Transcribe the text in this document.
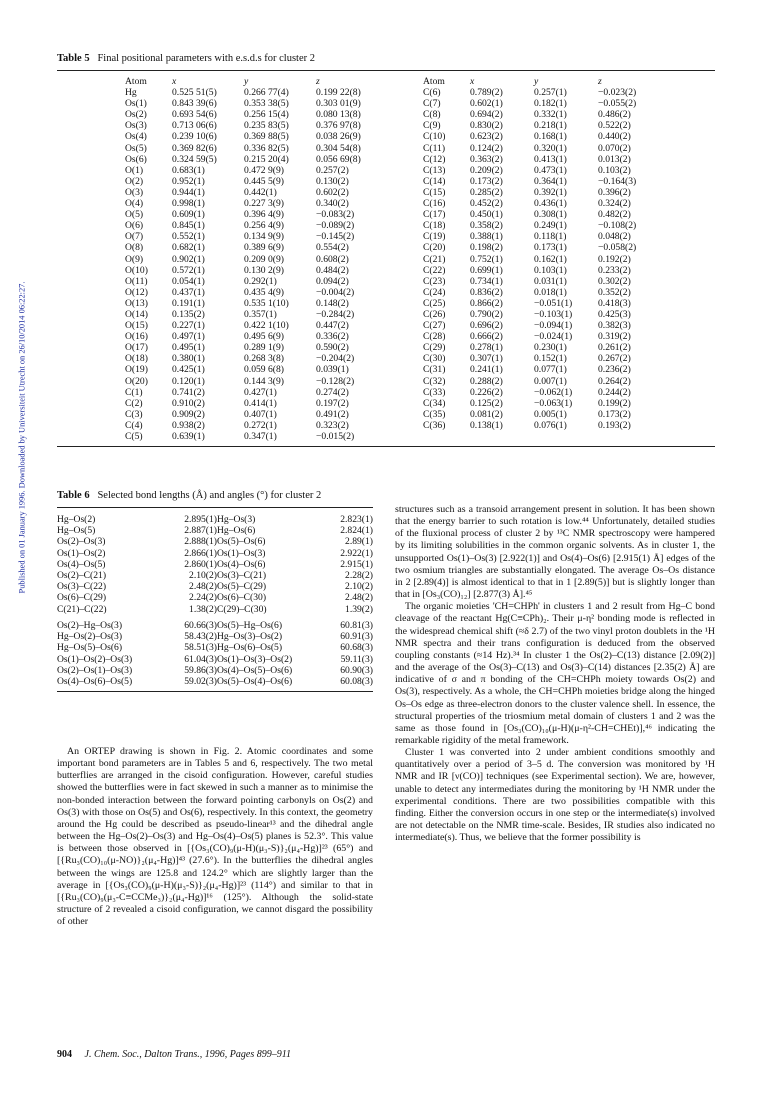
Published on 01 January 1996. Downloaded by Universiteit Utrecht on 26/10/2014 06:22:27.
Table 5 Final positional parameters with e.s.d.s for cluster 2
Atom	x	y	z
Hg	0.525 51(5)	0.266 77(4)	0.199 22(8)
Os(1)	0.843 39(6)	0.353 38(5)	0.303 01(9)
Os(2)	0.693 54(6)	0.256 15(4)	0.080 13(8)
Os(3)	0.713 06(6)	0.235 83(5)	0.376 97(8)
Os(4)	0.239 10(6)	0.369 88(5)	0.038 26(9)
Os(5)	0.369 82(6)	0.336 82(5)	0.304 54(8)
Os(6)	0.324 59(5)	0.215 20(4)	0.056 69(8)
O(1)	0.683(1)	0.472 9(9)	0.257(2)
O(2)	0.952(1)	0.445 5(9)	0.130(2)
O(3)	0.944(1)	0.442(1)	0.602(2)
O(4)	0.998(1)	0.227 3(9)	0.340(2)
O(5)	0.609(1)	0.396 4(9)	−0.083(2)
O(6)	0.845(1)	0.256 4(9)	−0.089(2)
O(7)	0.552(1)	0.134 9(9)	−0.145(2)
O(8)	0.682(1)	0.389 6(9)	0.554(2)
O(9)	0.902(1)	0.209 0(9)	0.608(2)
O(10)	0.572(1)	0.130 2(9)	0.484(2)
O(11)	0.054(1)	0.292(1)	0.094(2)
O(12)	0.437(1)	0.435 4(9)	−0.004(2)
O(13)	0.191(1)	0.535 1(10)	0.148(2)
O(14)	0.135(2)	0.357(1)	−0.284(2)
O(15)	0.227(1)	0.422 1(10)	0.447(2)
O(16)	0.497(1)	0.495 6(9)	0.336(2)
O(17)	0.495(1)	0.289 1(9)	0.590(2)
O(18)	0.380(1)	0.268 3(8)	−0.204(2)
O(19)	0.425(1)	0.059 6(8)	0.039(1)
O(20)	0.120(1)	0.144 3(9)	−0.128(2)
C(1)	0.741(2)	0.427(1)	0.274(2)
C(2)	0.910(2)	0.414(1)	0.197(2)
C(3)	0.909(2)	0.407(1)	0.491(2)
C(4)	0.938(2)	0.272(1)	0.323(2)
C(5)	0.639(1)	0.347(1)	−0.015(2)
Atom	x	y	z
C(6)	0.789(2)	0.257(1)	−0.023(2)
C(7)	0.602(1)	0.182(1)	−0.055(2)
C(8)	0.694(2)	0.332(1)	0.486(2)
C(9)	0.830(2)	0.218(1)	0.522(2)
C(10)	0.623(2)	0.168(1)	0.440(2)
C(11)	0.124(2)	0.320(1)	0.070(2)
C(12)	0.363(2)	0.413(1)	0.013(2)
C(13)	0.209(2)	0.473(1)	0.103(2)
C(14)	0.173(2)	0.364(1)	−0.164(3)
C(15)	0.285(2)	0.392(1)	0.396(2)
C(16)	0.452(2)	0.436(1)	0.324(2)
C(17)	0.450(1)	0.308(1)	0.482(2)
C(18)	0.358(2)	0.249(1)	−0.108(2)
C(19)	0.388(1)	0.118(1)	0.048(2)
C(20)	0.198(2)	0.173(1)	−0.058(2)
C(21)	0.752(1)	0.162(1)	0.192(2)
C(22)	0.699(1)	0.103(1)	0.233(2)
C(23)	0.734(1)	0.031(1)	0.302(2)
C(24)	0.836(2)	0.018(1)	0.352(2)
C(25)	0.866(2)	−0.051(1)	0.418(3)
C(26)	0.790(2)	−0.103(1)	0.425(3)
C(27)	0.696(2)	−0.094(1)	0.382(3)
C(28)	0.666(2)	−0.024(1)	0.319(2)
C(29)	0.278(1)	0.230(1)	0.261(2)
C(30)	0.307(1)	0.152(1)	0.267(2)
C(31)	0.241(1)	0.077(1)	0.236(2)
C(32)	0.288(2)	0.007(1)	0.264(2)
C(33)	0.226(2)	−0.062(1)	0.244(2)
C(34)	0.125(2)	−0.063(1)	0.199(2)
C(35)	0.081(2)	0.005(1)	0.173(2)
C(36)	0.138(1)	0.076(1)	0.193(2)
Table 6 Selected bond lengths (Å) and angles (°) for cluster 2
Hg–Os(2)	2.895(1)	Hg–Os(3)	2.823(1)
Hg–Os(5)	2.887(1)	Hg–Os(6)	2.824(1)
Os(2)–Os(3)	2.888(1)	Os(5)–Os(6)	2.89(1)
Os(1)–Os(2)	2.866(1)	Os(1)–Os(3)	2.922(1)
Os(4)–Os(5)	2.860(1)	Os(4)–Os(6)	2.915(1)
Os(2)–C(21)	2.10(2)	Os(3)–C(21)	2.28(2)
Os(3)–C(22)	2.48(2)	Os(5)–C(29)	2.10(2)
Os(6)–C(29)	2.24(2)	Os(6)–C(30)	2.48(2)
C(21)–C(22)	1.38(2)	C(29)–C(30)	1.39(2)
Os(2)–Hg–Os(3)	60.66(3)	Os(5)–Hg–Os(6)	60.81(3)
Hg–Os(2)–Os(3)	58.43(2)	Hg–Os(3)–Os(2)	60.91(3)
Hg–Os(5)–Os(6)	58.51(3)	Hg–Os(6)–Os(5)	60.68(3)
Os(1)–Os(2)–Os(3)	61.04(3)	Os(1)–Os(3)–Os(2)	59.11(3)
Os(2)–Os(1)–Os(3)	59.86(3)	Os(4)–Os(5)–Os(6)	60.90(3)
Os(4)–Os(6)–Os(5)	59.02(3)	Os(5)–Os(4)–Os(6)	60.08(3)

An ORTEP drawing is shown in Fig. 2. Atomic coordinates and some important bond parameters are in Tables 5 and 6, respectively. The two metal butterflies are arranged in the cisoid configuration. However, careful studies showed the butterflies were in fact skewed in such a manner as to minimise the non-bonded interaction between the forward pointing carbonyls on Os(2) and Os(3) with those on Os(5) and Os(6), respectively. In this context, the geometry around the Hg could be described as pseudo-linear¹³ and the dihedral angle between the Hg–Os(2)–Os(3) and Hg–Os(4)–Os(5) planes is 52.3°. This value is between those observed in [{Os₃(CO)₉(μ-H)(μ₃-S)}₂(μ₄-Hg)]²³ (65°) and [{Ru₃(CO)₁₀(μ-NO)}₂(μ₄-Hg)]⁴³ (27.6°). In the butterflies the dihedral angles between the wings are 125.8 and 124.2° which are slightly larger than the average in [{Os₃(CO)₉(μ-H)(μ₃-S)}₂(μ₄-Hg)]²³ (114°) and similar to that in [{Ru₃(CO)₉(μ₃-C≡CCMe₃)}₂(μ₄-Hg)]¹⁶ (125°). Although the solid-state structure of 2 revealed a cisoid configuration, we cannot disgard the possibility of other

structures such as a transoid arrangement present in solution. It has been shown that the energy barrier to such rotation is low.⁴⁴ Unfortunately, detailed studies of the fluxional process of cluster 2 by ¹³C NMR spectroscopy were hampered by its limiting solubilities in the common organic solvents. As in cluster 1, the unsupported Os(1)–Os(3) [2.922(1)] and Os(4)–Os(6) [2.915(1) Å] edges of the two osmium triangles are substantially elongated. The average Os–Os distance in 2 [2.89(4)] is almost identical to that in 1 [2.89(5)] but is slightly longer than that in [Os₃(CO)₁₂] [2.877(3) Å].⁴⁵

The organic moieties 'CH=CHPh' in clusters 1 and 2 result from Hg–C bond cleavage of the reactant Hg(C≡CPh)₂. Their μ-η² bonding mode is reflected in the widespread chemical shift (≈δ 2.7) of the two vinyl proton doublets in the ¹H NMR spectra and their trans configuration is deduced from the observed coupling constants (≈14 Hz).³⁴ In cluster 1 the Os(2)–C(13) distance [2.09(2)] and the average of the Os(3)–C(13) and Os(3)–C(14) distances [2.35(2) Å] are indicative of σ and π bonding of the CH=CHPh moiety towards Os(2) and Os(3), respectively. As a whole, the CH=CHPh moieties bridge along the hinged Os–Os edge as three-electron donors to the cluster valence shell. In essence, the structural properties of the triosmium metal domain of clusters 1 and 2 was the same as those found in [Os₃(CO)₁₀(μ-H)(μ-η²-CH=CHEt)],⁴⁶ indicating the remarkable rigidity of the metal framework.

Cluster 1 was converted into 2 under ambient conditions smoothly and quantitatively over a period of 3–5 d. The conversion was monitored by ¹H NMR and IR [ν(CO)] techniques (see Experimental section). We are, however, unable to detect any intermediates during the monitoring by ¹H NMR under the experimental conditions. There are two possibilities compatible with this finding. Either the conversion occurs in one step or the intermediate(s) involved are not detectable on the NMR time-scale. Besides, IR studies also indicated no intermediate(s). Thus, we believe that the former possibility is

904 J. Chem. Soc., Dalton Trans., 1996, Pages 899–911
